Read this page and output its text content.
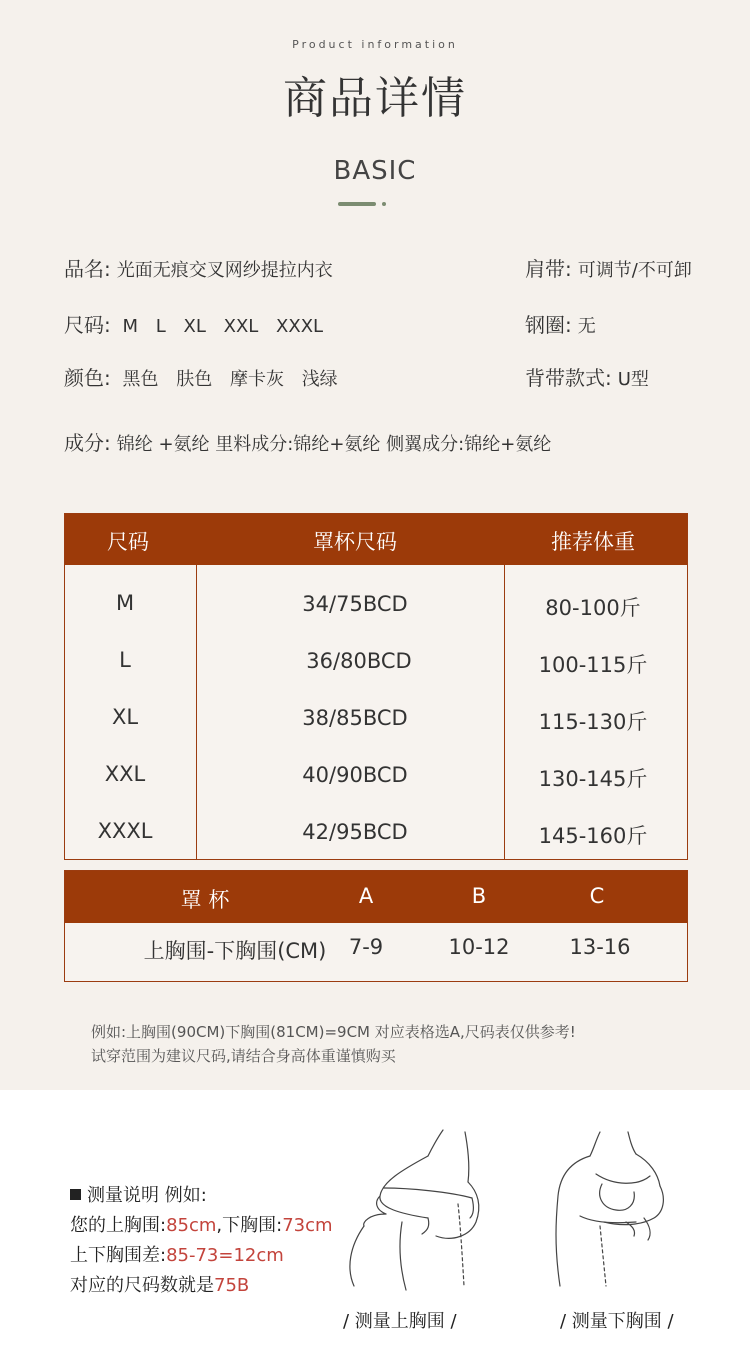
Product information
商品详情
BASIC
品名: 光面无痕交叉网纱提拉内衣	肩带: 可调节/不可卸
尺码: M L XL XXL XXXL	钢圈: 无
颜色: 黑色 肤色 摩卡灰 浅绿	背带款式: U型
成分: 锦纶 +氨纶 里料成分:锦纶+氨纶 侧翼成分:锦纶+氨纶
尺码	罩杯尺码	推荐体重
M	34/75BCD	80-100斤
L	36/80BCD	100-115斤
XL	38/85BCD	115-130斤
XXL	40/90BCD	130-145斤
XXXL	42/95BCD	145-160斤
罩 杯	A	B	C
上胸围-下胸围(CM)	7-9	10-12	13-16
例如:上胸围(90CM)下胸围(81CM)=9CM 对应表格选A,尺码表仅供参考!
试穿范围为建议尺码,请结合身高体重谨慎购买
测量说明 例如:
您的上胸围:85cm,下胸围:73cm
上下胸围差:85-73=12cm
对应的尺码数就是75B
/ 测量上胸围 /	/ 测量下胸围 /
